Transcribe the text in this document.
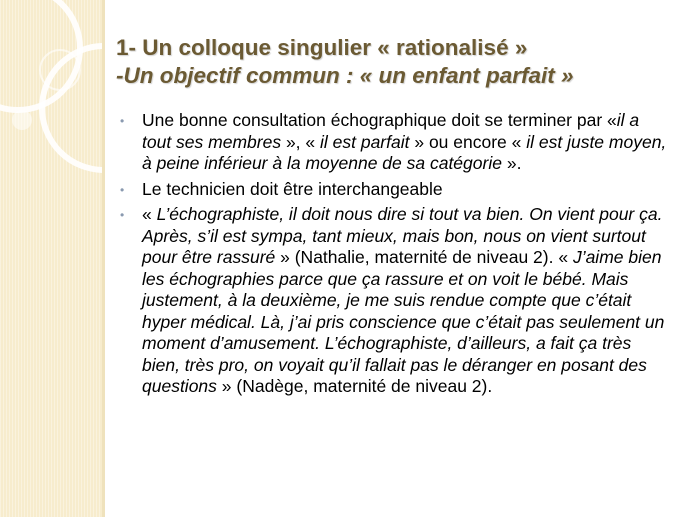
1- Un colloque singulier « rationalisé »
-Un objectif commun : « un enfant parfait »
• Une bonne consultation échographique doit se terminer par «il a tout ses membres », « il est parfait » ou encore « il est juste moyen, à peine inférieur à la moyenne de sa catégorie ».
• Le technicien doit être interchangeable
• « L’échographiste, il doit nous dire si tout va bien. On vient pour ça. Après, s’il est sympa, tant mieux, mais bon, nous on vient surtout pour être rassuré » (Nathalie, maternité de niveau 2). « J’aime bien les échographies parce que ça rassure et on voit le bébé. Mais justement, à la deuxième, je me suis rendue compte que c’était hyper médical. Là, j’ai pris conscience que c’était pas seulement un moment d’amusement. L’échographiste, d’ailleurs, a fait ça très bien, très pro, on voyait qu’il fallait pas le déranger en posant des questions » (Nadège, maternité de niveau 2).
